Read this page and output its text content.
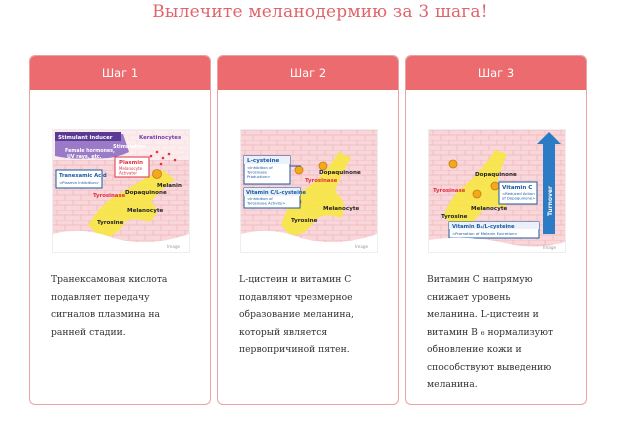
Вылечите меланодермию за 3 шага!
Шаг 1
Stimulant inducer	Keratinocytes
Stimulation
Female hormones, UV rays, etc.
Plasmin
Melanocyte Activator
Tranexamic Acid
<Plasmin Inhibition>
Tyrosinase
Melanin
Dopaquinone
Melanocyte
Tyrosine
Image
Транексамовая кислота
подавляет передачу
сигналов плазмина на
ранней стадии.
Шаг 2
L-cysteine
<Inhibition of Tyrosinase Production>
Tyrosinase
Dopaquinone
Vitamin C/L-cysteine
<Inhibition of Tyrosinase Activity>
Melanocyte
Tyrosine
Image
L-цистеин и витамин С
подавляют чрезмерное
образование меланина,
который является
первопричиной пятен.
Шаг 3
Turnover
Dopaquinone
Tyrosinase	Vitamin C
<Reduced Action of Dopaquinone>
Melanocyte
Tyrosine
Vitamin B₂/L-cysteine
<Promotion of Melanin Excretion>
Image
Витамин С напрямую
снижает уровень
меланина. L-цистеин и
витамин В ₆ нормализуют
обновление кожи и
способствуют выведению
меланина.
